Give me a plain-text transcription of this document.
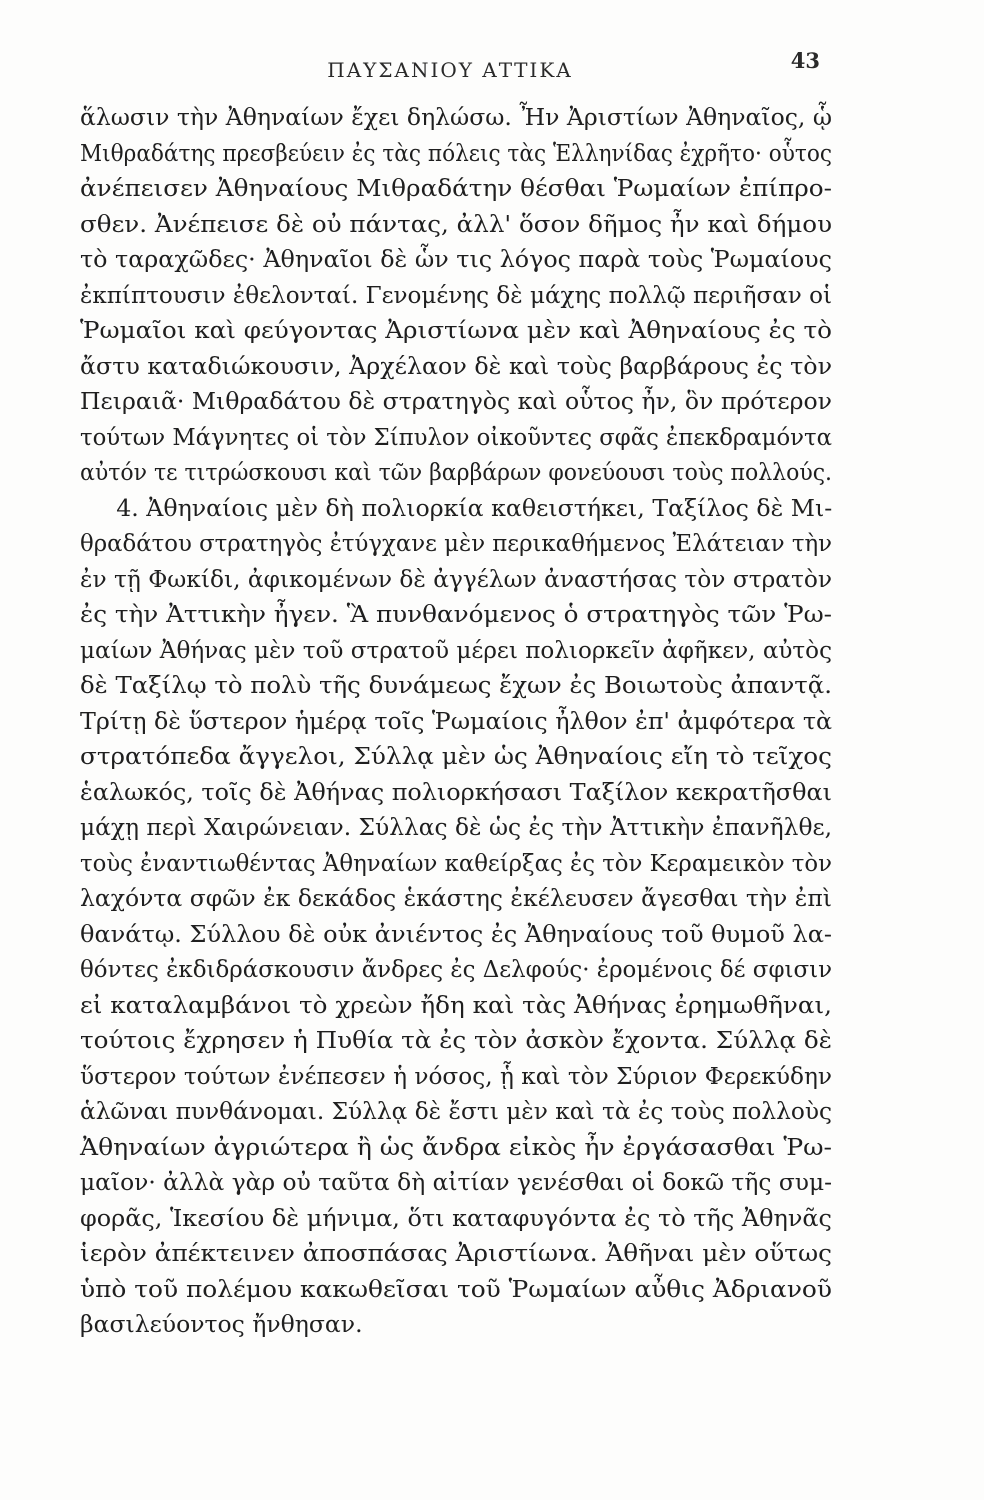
ΠΑΥΣΑΝΙΟΥ ΑΤΤΙΚΑ	43
ἅλωσιν τὴν Ἀθηναίων ἔχει δηλώσω. Ἦν Ἀριστίων Ἀθηναῖος, ᾧ
Μιθραδάτης πρεσβεύειν ἐς τὰς πόλεις τὰς Ἑλληνίδας ἐχρῆτο· οὗτος
ἀνέπεισεν Ἀθηναίους Μιθραδάτην θέσθαι Ῥωμαίων ἐπίπρο-
σθεν. Ἀνέπεισε δὲ οὐ πάντας, ἀλλ' ὅσον δῆμος ἦν καὶ δήμου
τὸ ταραχῶδες· Ἀθηναῖοι δὲ ὧν τις λόγος παρὰ τοὺς Ῥωμαίους
ἐκπίπτουσιν ἐθελονταί. Γενομένης δὲ μάχης πολλῷ περιῆσαν οἱ
Ῥωμαῖοι καὶ φεύγοντας Ἀριστίωνα μὲν καὶ Ἀθηναίους ἐς τὸ
ἄστυ καταδιώκουσιν, Ἀρχέλαον δὲ καὶ τοὺς βαρβάρους ἐς τὸν
Πειραιᾶ· Μιθραδάτου δὲ στρατηγὸς καὶ οὗτος ἦν, ὃν πρότερον
τούτων Μάγνητες οἱ τὸν Σίπυλον οἰκοῦντες σφᾶς ἐπεκδραμόντα
αὐτόν τε τιτρώσκουσι καὶ τῶν βαρβάρων φονεύουσι τοὺς πολλούς.
4. Ἀθηναίοις μὲν δὴ πολιορκία καθειστήκει, Ταξίλος δὲ Μι-
θραδάτου στρατηγὸς ἐτύγχανε μὲν περικαθήμενος Ἐλάτειαν τὴν
ἐν τῇ Φωκίδι, ἀφικομένων δὲ ἀγγέλων ἀναστήσας τὸν στρατὸν
ἐς τὴν Ἀττικὴν ἦγεν. Ἃ πυνθανόμενος ὁ στρατηγὸς τῶν Ῥω-
μαίων Ἀθήνας μὲν τοῦ στρατοῦ μέρει πολιορκεῖν ἀφῆκεν, αὐτὸς
δὲ Ταξίλῳ τὸ πολὺ τῆς δυνάμεως ἔχων ἐς Βοιωτοὺς ἀπαντᾷ.
Τρίτῃ δὲ ὕστερον ἡμέρᾳ τοῖς Ῥωμαίοις ἦλθον ἐπ' ἀμφότερα τὰ
στρατόπεδα ἄγγελοι, Σύλλᾳ μὲν ὡς Ἀθηναίοις εἴη τὸ τεῖχος
ἑαλωκός, τοῖς δὲ Ἀθήνας πολιορκήσασι Ταξίλον κεκρατῆσθαι
μάχῃ περὶ Χαιρώνειαν. Σύλλας δὲ ὡς ἐς τὴν Ἀττικὴν ἐπανῆλθε,
τοὺς ἐναντιωθέντας Ἀθηναίων καθείρξας ἐς τὸν Κεραμεικὸν τὸν
λαχόντα σφῶν ἐκ δεκάδος ἑκάστης ἐκέλευσεν ἄγεσθαι τὴν ἐπὶ
θανάτῳ. Σύλλου δὲ οὐκ ἀνιέντος ἐς Ἀθηναίους τοῦ θυμοῦ λα-
θόντες ἐκδιδράσκουσιν ἄνδρες ἐς Δελφούς· ἐρομένοις δέ σφισιν
εἰ καταλαμβάνοι τὸ χρεὼν ἤδη καὶ τὰς Ἀθήνας ἐρημωθῆναι,
τούτοις ἔχρησεν ἡ Πυθία τὰ ἐς τὸν ἀσκὸν ἔχοντα. Σύλλᾳ δὲ
ὕστερον τούτων ἐνέπεσεν ἡ νόσος, ᾗ καὶ τὸν Σύριον Φερεκύδην
ἁλῶναι πυνθάνομαι. Σύλλᾳ δὲ ἔστι μὲν καὶ τὰ ἐς τοὺς πολλοὺς
Ἀθηναίων ἀγριώτερα ἢ ὡς ἄνδρα εἰκὸς ἦν ἐργάσασθαι Ῥω-
μαῖον· ἀλλὰ γὰρ οὐ ταῦτα δὴ αἰτίαν γενέσθαι οἱ δοκῶ τῆς συμ-
φορᾶς, Ἱκεσίου δὲ μήνιμα, ὅτι καταφυγόντα ἐς τὸ τῆς Ἀθηνᾶς
ἱερὸν ἀπέκτεινεν ἀποσπάσας Ἀριστίωνα. Ἀθῆναι μὲν οὕτως
ὑπὸ τοῦ πολέμου κακωθεῖσαι τοῦ Ῥωμαίων αὖθις Ἀδριανοῦ
βασιλεύοντος ἤνθησαν.
